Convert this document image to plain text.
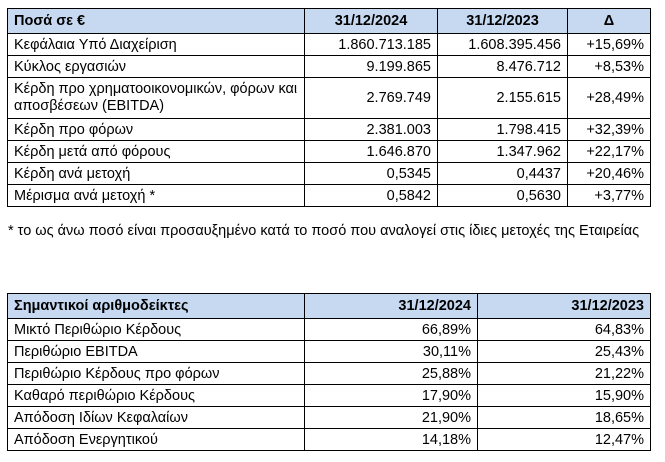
Ποσά σε €	31/12/2024	31/12/2023	Δ
Κεφάλαια Υπό Διαχείριση	1.860.713.185	1.608.395.456	+15,69%
Κύκλος εργασιών	9.199.865	8.476.712	+8,53%
Κέρδη προ χρηματοοικονομικών, φόρων και αποσβέσεων (EBITDA)	2.769.749	2.155.615	+28,49%
Κέρδη προ φόρων	2.381.003	1.798.415	+32,39%
Κέρδη μετά από φόρους	1.646.870	1.347.962	+22,17%
Κέρδη ανά μετοχή	0,5345	0,4437	+20,46%
Μέρισμα ανά μετοχή *	0,5842	0,5630	+3,77%
* το ως άνω ποσό είναι προσαυξημένο κατά το ποσό που αναλογεί στις ίδιες μετοχές της Εταιρείας
Σημαντικοί αριθμοδείκτες	31/12/2024	31/12/2023
Μικτό Περιθώριο Κέρδους	66,89%	64,83%
Περιθώριο EBITDA	30,11%	25,43%
Περιθώριο Κέρδους προ φόρων	25,88%	21,22%
Καθαρό περιθώριο Κέρδους	17,90%	15,90%
Απόδοση Ιδίων Κεφαλαίων	21,90%	18,65%
Απόδοση Ενεργητικού	14,18%	12,47%
